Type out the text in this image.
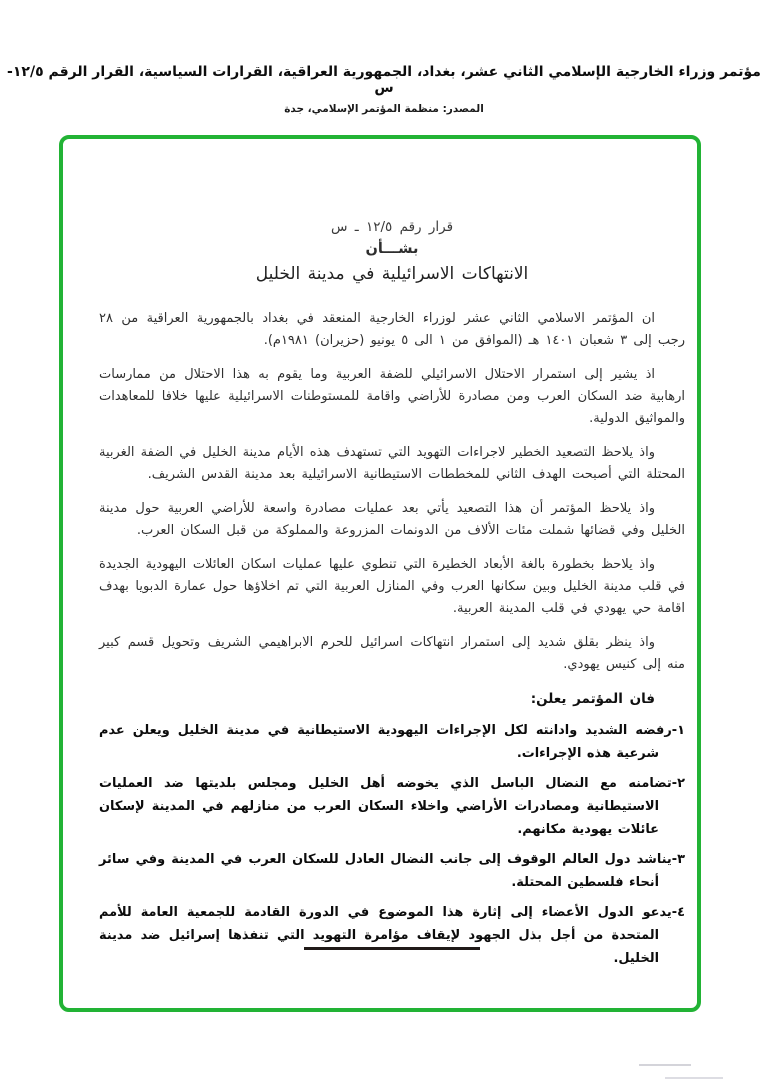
مؤتمر وزراء الخارجية الإسلامي الثاني عشر، بغداد، الجمهورية العراقية، القرارات السياسية، القرار الرقم ١٢/٥- س
المصدر: منظمة المؤتمر الإسلامي، جدة
قرار رقم ١٢/٥ ـ س
بشـــأن
الانتهاكات الاسرائيلية في مدينة الخليل

ان المؤتمر الاسلامي الثاني عشر لوزراء الخارجية المنعقد في بغداد بالجمهورية العراقية من ٢٨ رجب إلى ٣ شعبان ١٤٠١ هـ (الموافق من ١ الى ٥ يونيو (حزيران) ١٩٨١م).

اذ يشير إلى استمرار الاحتلال الاسرائيلي للضفة العربية وما يقوم به هذا الاحتلال من ممارسات ارهابية ضد السكان العرب ومن مصادرة للأراضي واقامة للمستوطنات الاسرائيلية عليها خلافا للمعاهدات والمواثيق الدولية.

واذ يلاحظ التصعيد الخطير لاجراءات التهويد التي تستهدف هذه الأيام مدينة الخليل في الضفة الغربية المحتلة التي أصبحت الهدف الثاني للمخططات الاستيطانية الاسرائيلية بعد مدينة القدس الشريف.

واذ يلاحظ المؤتمر أن هذا التصعيد يأتي بعد عمليات مصادرة واسعة للأراضي العربية حول مدينة الخليل وفي قضائها شملت مئات الألاف من الدونمات المزروعة والمملوكة من قبل السكان العرب.

واذ يلاحظ بخطورة بالغة الأبعاد الخطيرة التي تنطوي عليها عمليات اسكان العائلات اليهودية الجديدة في قلب مدينة الخليل وبين سكانها العرب وفي المنازل العربية التي تم اخلاؤها حول عمارة الدبويا بهدف اقامة حي يهودي في قلب المدينة العربية.

واذ ينظر بقلق شديد إلى استمرار انتهاكات اسرائيل للحرم الابراهيمي الشريف وتحويل قسم كبير منه إلى كنيس يهودي.

فان المؤتمر يعلن:

١-رفضه الشديد وادانته لكل الإجراءات اليهودية الاستيطانية في مدينة الخليل ويعلن عدم شرعية هذه الإجراءات.
٢-تضامنه مع النضال الباسل الذي يخوضه أهل الخليل ومجلس بلديتها ضد العمليات الاستيطانية ومصادرات الأراضي واخلاء السكان العرب من منازلهم في المدينة لإسكان عائلات يهودية مكانهم.
٣-يناشد دول العالم الوقوف إلى جانب النضال العادل للسكان العرب في المدينة وفي سائر أنحاء فلسطين المحتلة.
٤-يدعو الدول الأعضاء إلى إثارة هذا الموضوع في الدورة القادمة للجمعية العامة للأمم المتحدة من أجل بذل الجهود لإيقاف مؤامرة التهويد التي تنفذها إسرائيل ضد مدينة الخليل.
